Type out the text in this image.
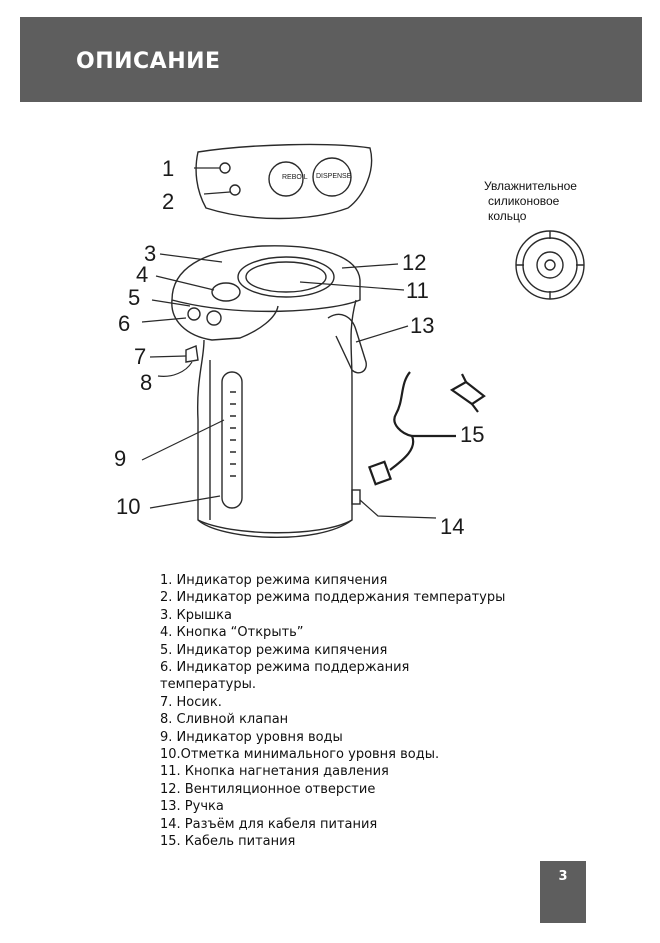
ОПИСАНИЕ
REBOIL DISPENSE
1
2
3
4
5
6
7
8
9
10
11
12
13
14
15
Увлажнительное
силиконовое
кольцо
1. Индикатор режима кипячения
2. Индикатор режима поддержания температуры
3. Крышка
4. Кнопка “Открыть”
5. Индикатор режима кипячения
6. Индикатор режима поддержания
температуры.
7. Носик.
8. Сливной клапан
9. Индикатор уровня воды
10.Отметка минимального уровня воды.
11. Кнопка нагнетания давления
12. Вентиляционное отверстие
13. Ручка
14. Разъём для кабеля питания
15. Кабель питания
3
